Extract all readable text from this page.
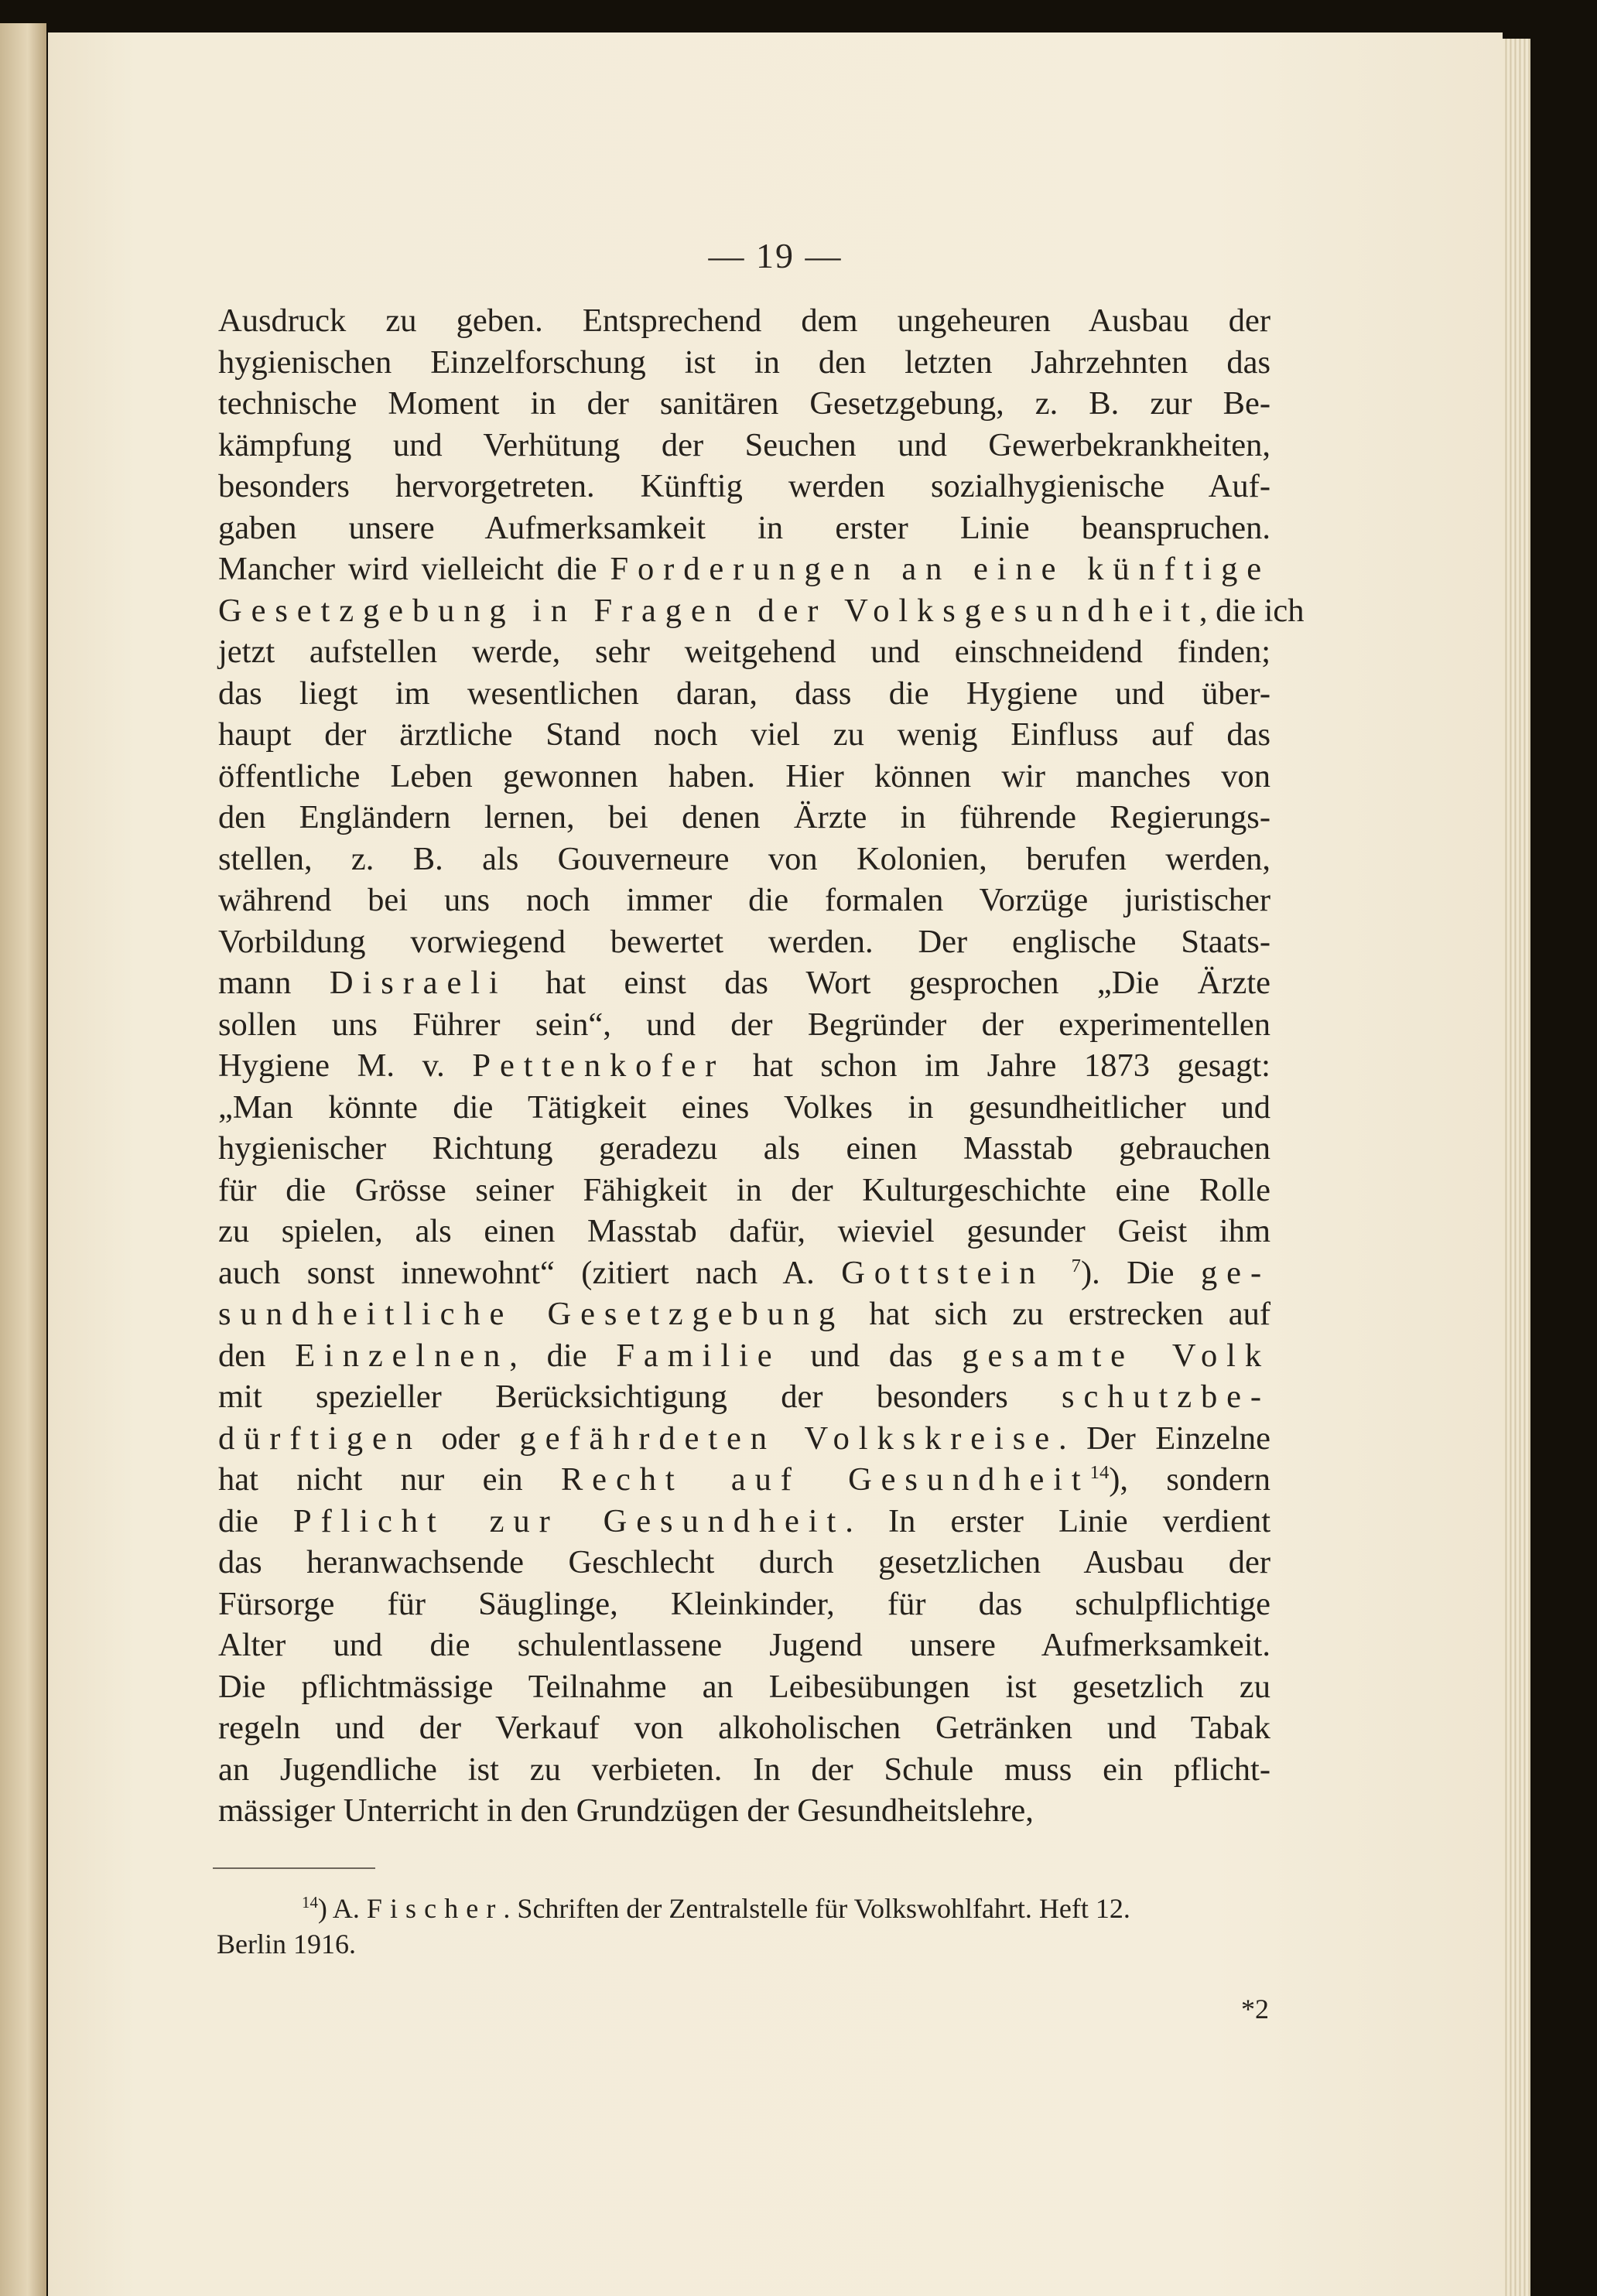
— 19 —
Ausdruck zu geben. Entsprechend dem ungeheuren Ausbau der
hygienischen Einzelforschung ist in den letzten Jahrzehnten das
technische Moment in der sanitären Gesetzgebung, z. B. zur Be-
kämpfung und Verhütung der Seuchen und Gewerbekrankheiten,
besonders hervorgetreten. Künftig werden sozialhygienische Auf-
gaben unsere Aufmerksamkeit in erster Linie beanspruchen.
Mancher wird vielleicht die Forderungen an eine künftige
Gesetzgebung in Fragen der Volksgesundheit, die ich
jetzt aufstellen werde, sehr weitgehend und einschneidend finden;
das liegt im wesentlichen daran, dass die Hygiene und über-
haupt der ärztliche Stand noch viel zu wenig Einfluss auf das
öffentliche Leben gewonnen haben. Hier können wir manches von
den Engländern lernen, bei denen Ärzte in führende Regierungs-
stellen, z. B. als Gouverneure von Kolonien, berufen werden,
während bei uns noch immer die formalen Vorzüge juristischer
Vorbildung vorwiegend bewertet werden. Der englische Staats-
mann Disraeli hat einst das Wort gesprochen „Die Ärzte
sollen uns Führer sein“, und der Begründer der experimentellen
Hygiene M. v. Pettenkofer hat schon im Jahre 1873 gesagt:
„Man könnte die Tätigkeit eines Volkes in gesundheitlicher und
hygienischer Richtung geradezu als einen Masstab gebrauchen
für die Grösse seiner Fähigkeit in der Kulturgeschichte eine Rolle
zu spielen, als einen Masstab dafür, wieviel gesunder Geist ihm
auch sonst innewohnt“ (zitiert nach A. Gottstein $^7$). Die ge-
sundheitliche Gesetzgebung hat sich zu erstrecken auf
den Einzelnen, die Familie und das gesamte Volk
mit spezieller Berücksichtigung der besonders schutzbe-
dürftigen oder gefährdeten Volkskreise. Der Einzelne
hat nicht nur ein Recht auf Gesundheit$^{14}$), sondern
die Pflicht zur Gesundheit. In erster Linie verdient
das heranwachsende Geschlecht durch gesetzlichen Ausbau der
Fürsorge für Säuglinge, Kleinkinder, für das schulpflichtige
Alter und die schulentlassene Jugend unsere Aufmerksamkeit.
Die pflichtmässige Teilnahme an Leibesübungen ist gesetzlich zu
regeln und der Verkauf von alkoholischen Getränken und Tabak
an Jugendliche ist zu verbieten. In der Schule muss ein pflicht-
mässiger Unterricht in den Grundzügen der Gesundheitslehre,
$^{14}$) A. Fischer. Schriften der Zentralstelle für Volkswohlfahrt. Heft 12.
Berlin 1916.
*2
